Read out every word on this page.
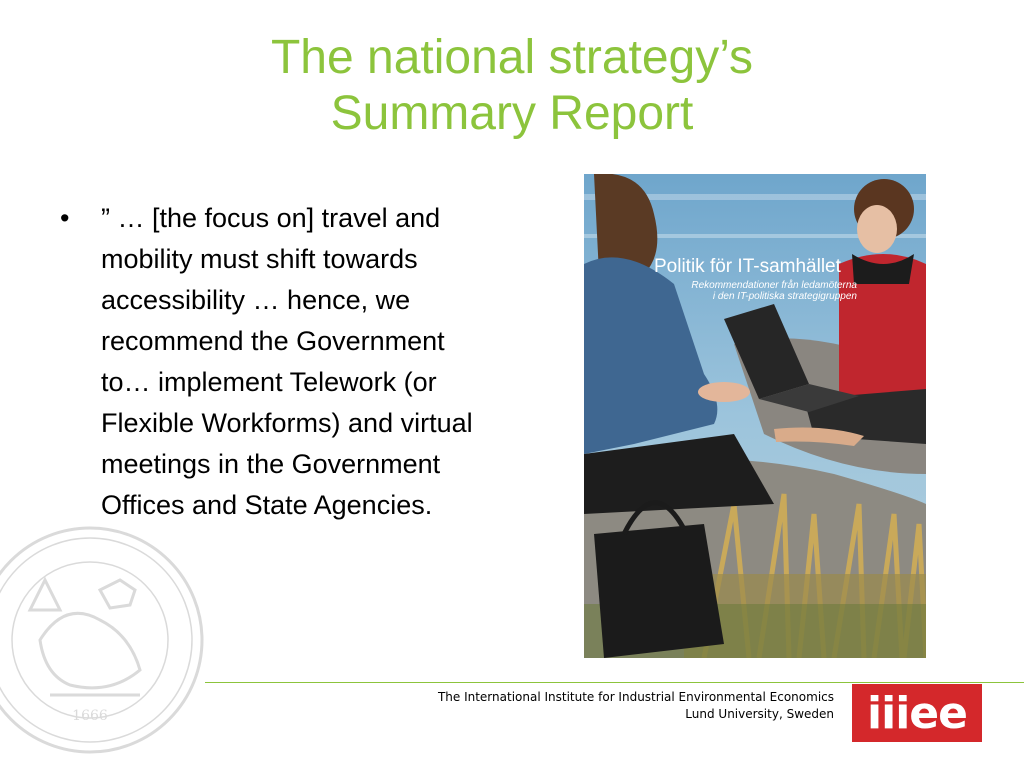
The national strategy’s
Summary Report
• ” … [the focus on] travel and mobility must shift towards accessibility … hence, we recommend the Government to… implement Telework (or Flexible Workforms) and virtual meetings in the Government Offices and State Agencies.
Politik för IT-samhället
Rekommendationer från ledamöterna
i den IT-politiska strategigruppen
1666
The International Institute for Industrial Environmental Economics
Lund University, Sweden iiiee
